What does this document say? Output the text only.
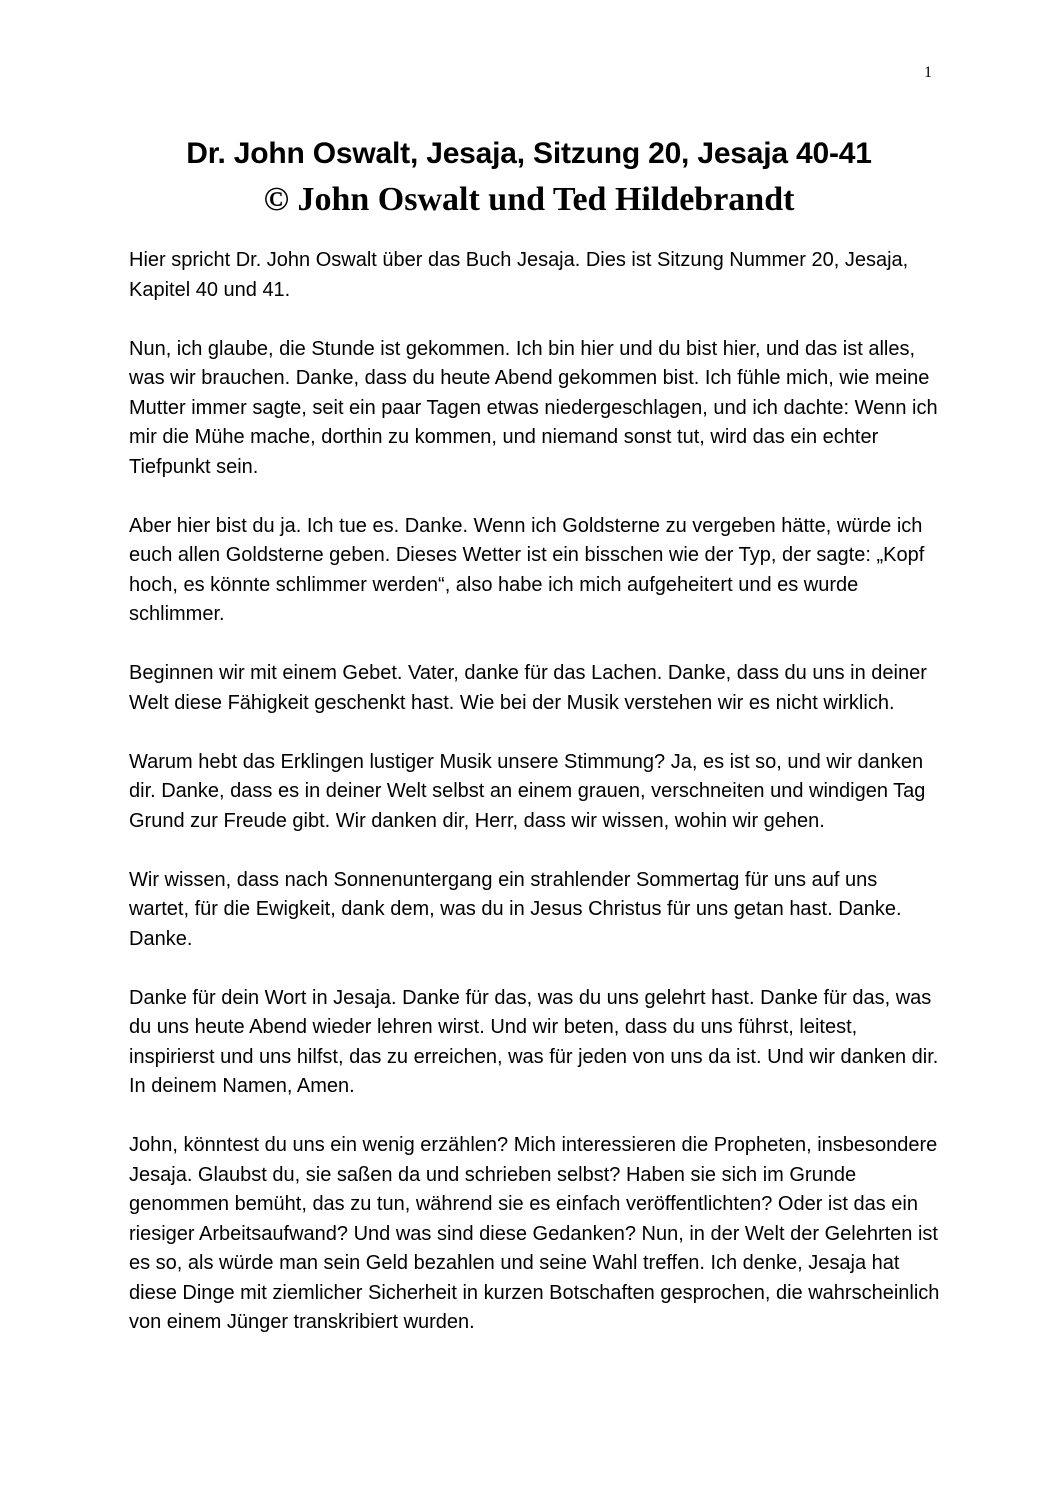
1
Dr. John Oswalt, Jesaja, Sitzung 20, Jesaja 40-41
© John Oswalt und Ted Hildebrandt

Hier spricht Dr. John Oswalt über das Buch Jesaja. Dies ist Sitzung Nummer 20, Jesaja, Kapitel 40 und 41.

Nun, ich glaube, die Stunde ist gekommen. Ich bin hier und du bist hier, und das ist alles, was wir brauchen. Danke, dass du heute Abend gekommen bist. Ich fühle mich, wie meine Mutter immer sagte, seit ein paar Tagen etwas niedergeschlagen, und ich dachte: Wenn ich mir die Mühe mache, dorthin zu kommen, und niemand sonst tut, wird das ein echter Tiefpunkt sein.

Aber hier bist du ja. Ich tue es. Danke. Wenn ich Goldsterne zu vergeben hätte, würde ich euch allen Goldsterne geben. Dieses Wetter ist ein bisschen wie der Typ, der sagte: „Kopf hoch, es könnte schlimmer werden“, also habe ich mich aufgeheitert und es wurde schlimmer.

Beginnen wir mit einem Gebet. Vater, danke für das Lachen. Danke, dass du uns in deiner Welt diese Fähigkeit geschenkt hast. Wie bei der Musik verstehen wir es nicht wirklich.

Warum hebt das Erklingen lustiger Musik unsere Stimmung? Ja, es ist so, und wir danken dir. Danke, dass es in deiner Welt selbst an einem grauen, verschneiten und windigen Tag Grund zur Freude gibt. Wir danken dir, Herr, dass wir wissen, wohin wir gehen.

Wir wissen, dass nach Sonnenuntergang ein strahlender Sommertag für uns auf uns wartet, für die Ewigkeit, dank dem, was du in Jesus Christus für uns getan hast. Danke. Danke.

Danke für dein Wort in Jesaja. Danke für das, was du uns gelehrt hast. Danke für das, was du uns heute Abend wieder lehren wirst. Und wir beten, dass du uns führst, leitest, inspirierst und uns hilfst, das zu erreichen, was für jeden von uns da ist. Und wir danken dir. In deinem Namen, Amen.

John, könntest du uns ein wenig erzählen? Mich interessieren die Propheten, insbesondere Jesaja. Glaubst du, sie saßen da und schrieben selbst? Haben sie sich im Grunde genommen bemüht, das zu tun, während sie es einfach veröffentlichten? Oder ist das ein riesiger Arbeitsaufwand? Und was sind diese Gedanken? Nun, in der Welt der Gelehrten ist es so, als würde man sein Geld bezahlen und seine Wahl treffen. Ich denke, Jesaja hat diese Dinge mit ziemlicher Sicherheit in kurzen Botschaften gesprochen, die wahrscheinlich von einem Jünger transkribiert wurden.
